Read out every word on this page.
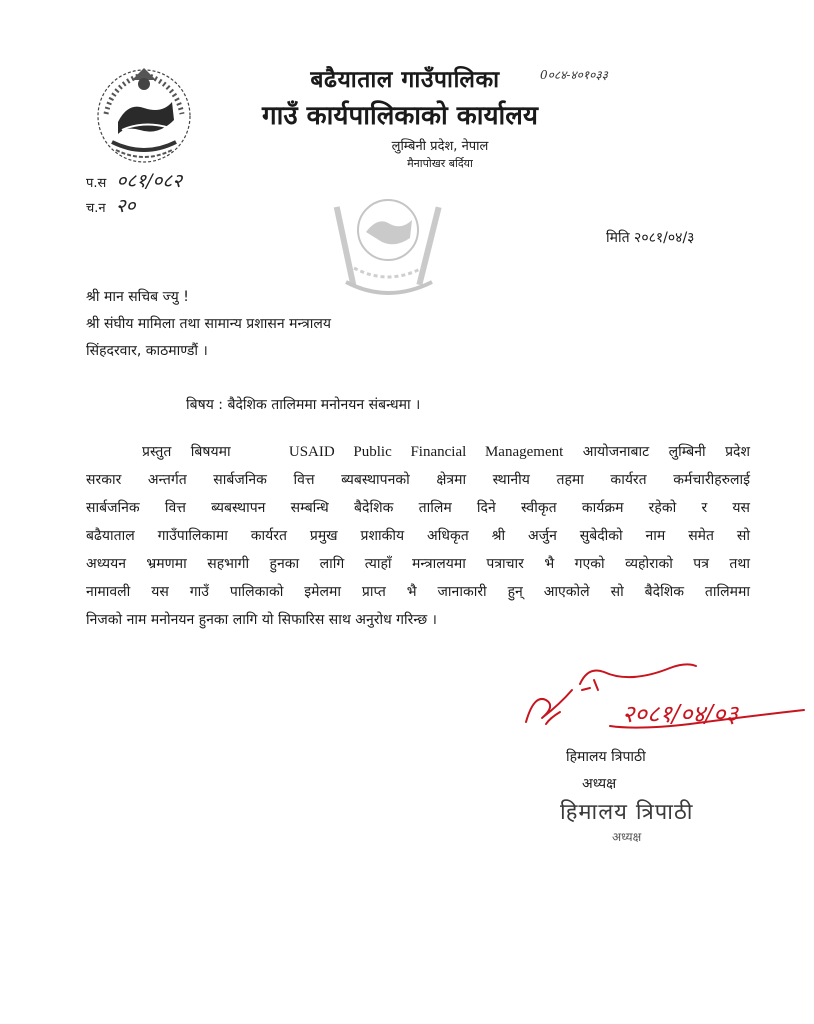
0०८४-४०१०३३
बढैयाताल गाउँपालिका
गाउँ कार्यपालिकाको कार्यालय
लुम्बिनी प्रदेश, नेपाल
मैनापोखर बर्दिया
प.स ०८१/०८२
च.न २०
मिति २०८१/०४/३
श्री मान सचिब ज्यु !
श्री संघीय मामिला तथा सामान्य प्रशासन मन्त्रालय
सिंहदरवार, काठमाण्डौं ।
बिषय : बैदेशिक तालिममा मनोनयन संबन्धमा ।
प्रस्तुत बिषयमा	USAID Public Financial Management आयोजनाबाट लुम्बिनी प्रदेश
सरकार अन्तर्गत सार्बजनिक वित्त ब्यबस्थापनको क्षेत्रमा स्थानीय तहमा कार्यरत कर्मचारीहरुलाई
सार्बजनिक वित्त ब्यबस्थापन सम्बन्धि बैदेशिक तालिम दिने स्वीकृत कार्यक्रम रहेको र यस
बढैयाताल गाउँपालिकामा कार्यरत प्रमुख प्रशाकीय अधिकृत श्री अर्जुन सुबेदीको नाम समेत सो
अध्ययन भ्रमणमा सहभागी हुनका लागि त्याहाँ मन्त्रालयमा पत्राचार भै गएको व्यहोराको पत्र तथा
नामावली यस गाउँ पालिकाको इमेलमा प्राप्त भै जानाकारी हुन् आएकोले सो बैदेशिक तालिममा
निजको नाम मनोनयन हुनका लागि यो सिफारिस साथ अनुरोध गरिन्छ ।
२०८१/०४/०३
हिमालय त्रिपाठी
अध्यक्ष
हिमालय त्रिपाठी
अध्यक्ष
